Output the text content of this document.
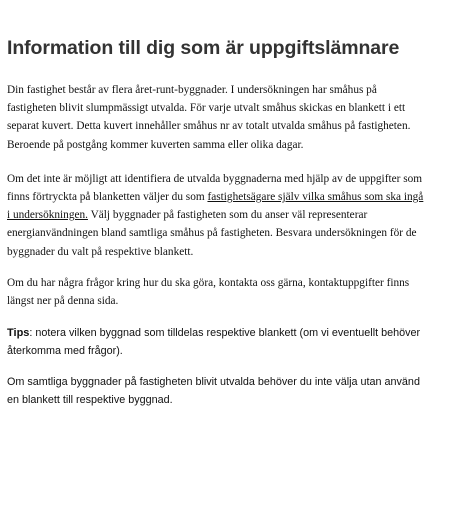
Information till dig som är uppgiftslämnare

Din fastighet består av flera året-runt-byggnader. I undersökningen har småhus på fastigheten blivit slumpmässigt utvalda. För varje utvalt småhus skickas en blankett i ett separat kuvert. Detta kuvert innehåller småhus nr av totalt utvalda småhus på fastigheten. Beroende på postgång kommer kuverten samma eller olika dagar.

Om det inte är möjligt att identifiera de utvalda byggnaderna med hjälp av de uppgifter som finns förtryckta på blanketten väljer du som fastighetsägare själv vilka småhus som ska ingå i undersökningen. Välj byggnader på fastigheten som du anser väl representerar energianvändningen bland samtliga småhus på fastigheten. Besvara undersökningen för de byggnader du valt på respektive blankett.

Om du har några frågor kring hur du ska göra, kontakta oss gärna, kontaktuppgifter finns längst ner på denna sida.

Tips: notera vilken byggnad som tilldelas respektive blankett (om vi eventuellt behöver återkomma med frågor).

Om samtliga byggnader på fastigheten blivit utvalda behöver du inte välja utan använd en blankett till respektive byggnad.
